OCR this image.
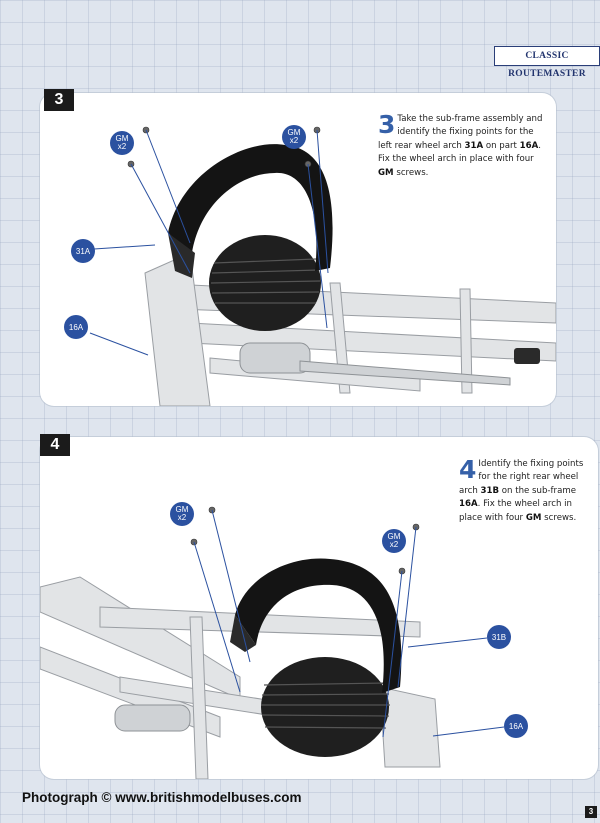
CLASSIC ROUTEMASTER
3
GM
x2
GM
x2
31A
16A
3 Take the sub-frame assembly and identify the fixing points for the left rear wheel arch 31A on part 16A. Fix the wheel arch in place with four GM screws.
4
GM
x2
GM
x2
31B
16A
4 Identify the fixing points for the right rear wheel arch 31B on the sub-frame 16A. Fix the wheel arch in place with four GM screws.
Photograph © www.britishmodelbuses.com
3
